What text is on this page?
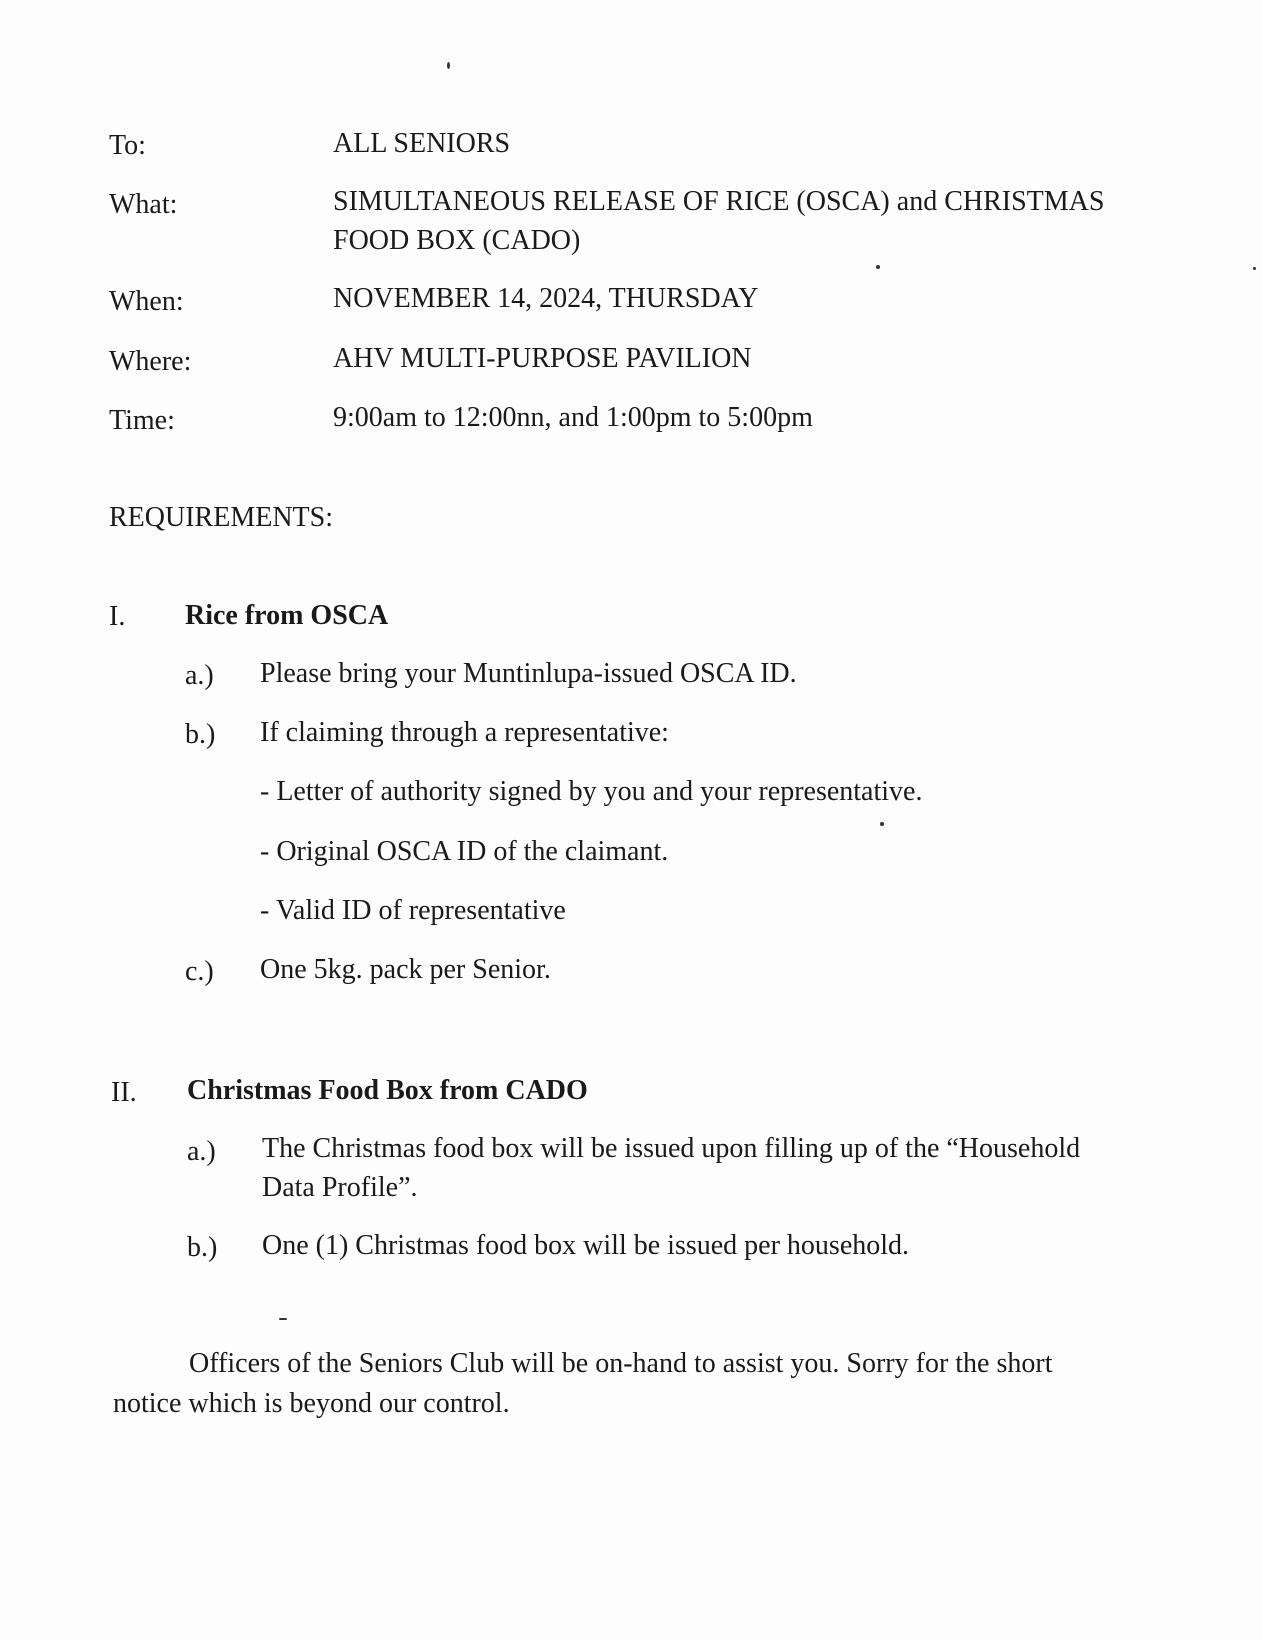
To:	ALL SENIORS
What:	SIMULTANEOUS RELEASE OF RICE (OSCA) and CHRISTMAS
FOOD BOX (CADO)
When:	NOVEMBER 14, 2024, THURSDAY
Where:	AHV MULTI-PURPOSE PAVILION
Time:	9:00am to 12:00nn, and 1:00pm to 5:00pm
REQUIREMENTS:
I. Rice from OSCA
a.) Please bring your Muntinlupa-issued OSCA ID.
b.) If claiming through a representative:
- Letter of authority signed by you and your representative.
- Original OSCA ID of the claimant.
- Valid ID of representative
c.) One 5kg. pack per Senior.
II. Christmas Food Box from CADO
a.) The Christmas food box will be issued upon filling up of the “Household
Data Profile”.
b.) One (1) Christmas food box will be issued per household.
Officers of the Seniors Club will be on-hand to assist you. Sorry for the short
notice which is beyond our control.
